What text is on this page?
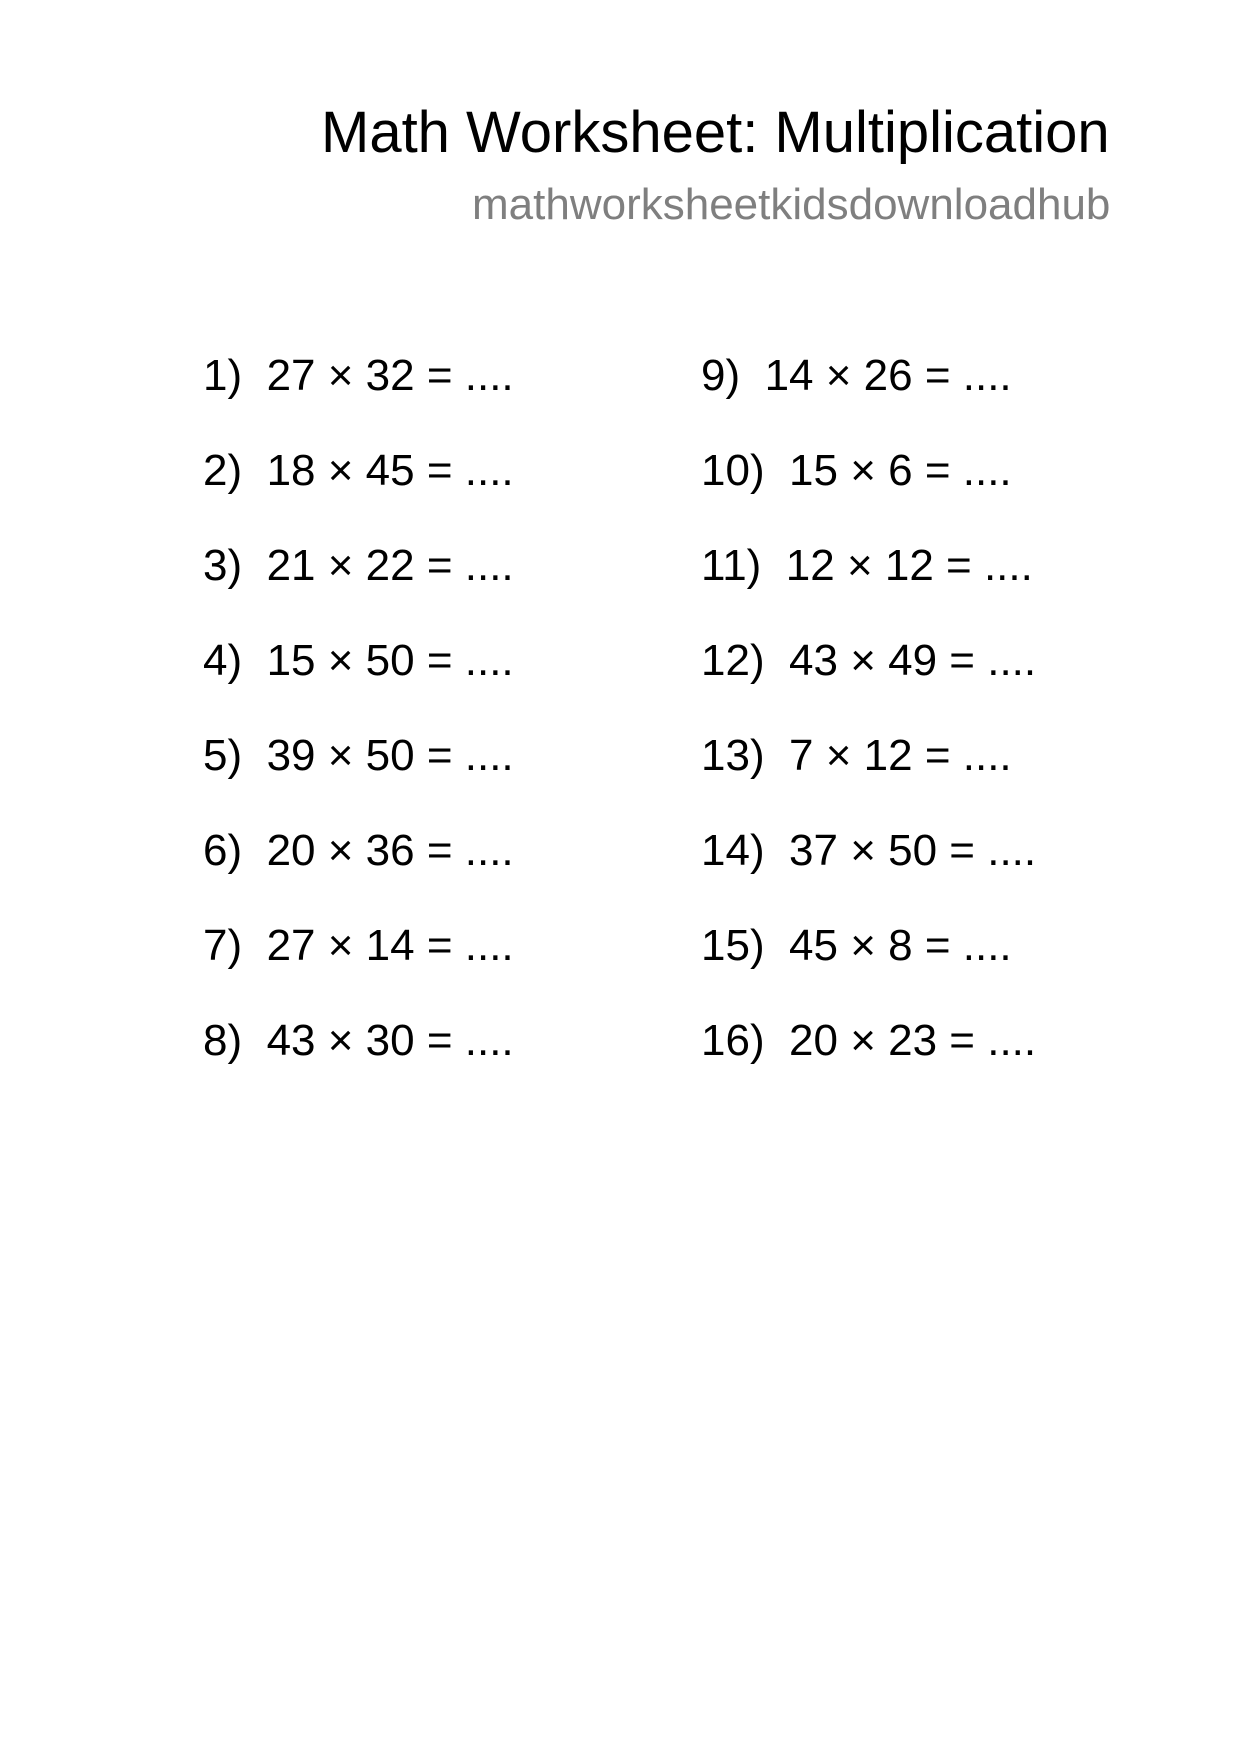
Math Worksheet: Multiplication
mathworksheetkidsdownloadhub
1)  27 × 32 = ....
2)  18 × 45 = ....
3)  21 × 22 = ....
4)  15 × 50 = ....
5)  39 × 50 = ....
6)  20 × 36 = ....
7)  27 × 14 = ....
8)  43 × 30 = ....
9)  14 × 26 = ....
10)  15 × 6 = ....
11)  12 × 12 = ....
12)  43 × 49 = ....
13)  7 × 12 = ....
14)  37 × 50 = ....
15)  45 × 8 = ....
16)  20 × 23 = ....
